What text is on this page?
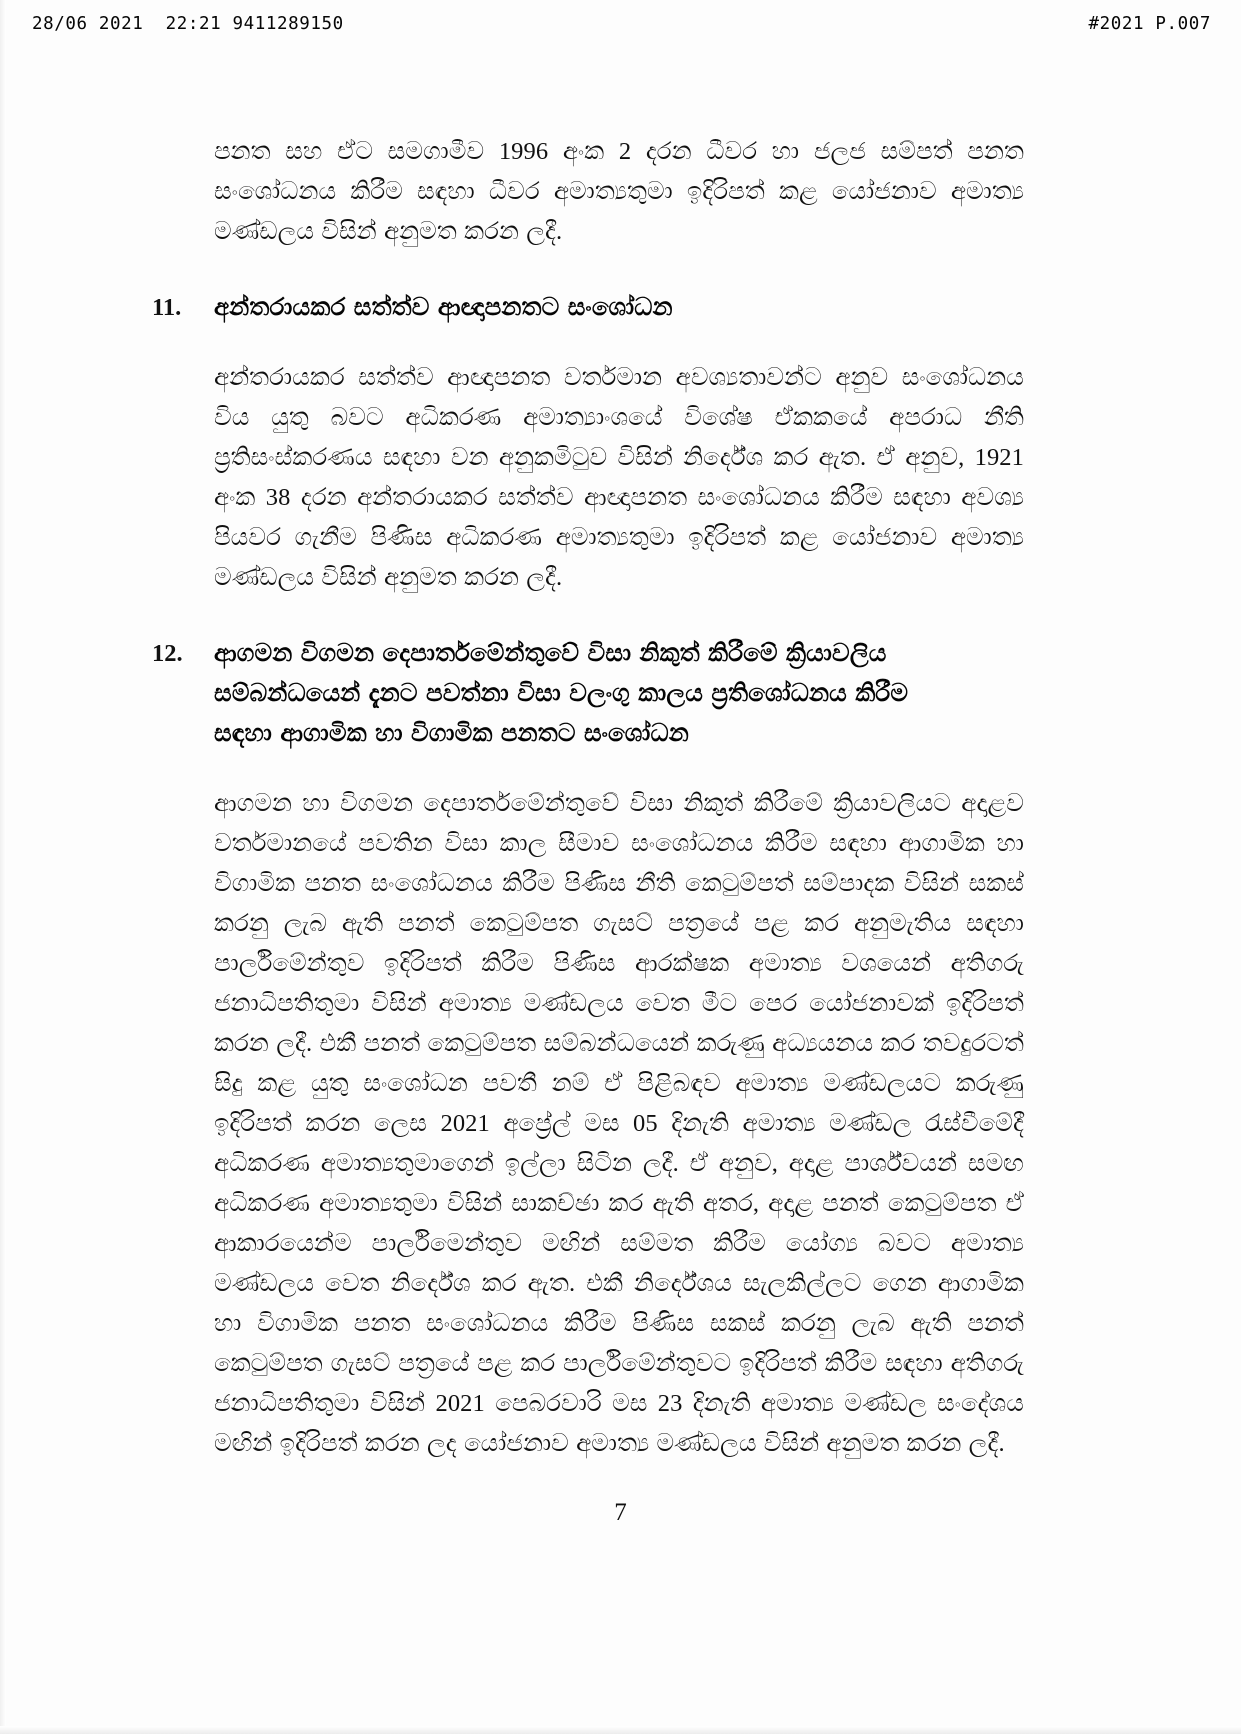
28/06 2021  22:21 9411289150	#2021 P.007

පනත සහ ඒට සමගාමීව 1996 අංක 2 දරන ධීවර හා ජලජ සම්පත් පනත සංශෝධනය කිරීම සඳහා ධීවර අමාත්‍යතුමා ඉදිරිපත් කළ යෝජනාව අමාත්‍ය මණ්ඩලය විසින් අනුමත කරන ලදී.

11.	අන්තරායකර සත්ත්ව ආඥාපනතට සංශෝධන

අන්තරායකර සත්ත්ව ආඥාපනත වර්තමාන අවශ්‍යතාවන්ට අනුව සංශෝධනය විය යුතු බවට අධිකරණ අමාත්‍යාංශයේ විශේෂ ඒකකයේ අපරාධ නීති ප්‍රතිසංස්කරණය සඳහා වන අනුකමිටුව විසින් නිර්දේශ කර ඇත. ඒ අනුව, 1921 අංක 38 දරන අන්තරායකර සත්ත්ව ආඥාපනත සංශෝධනය කිරීම සඳහා අවශ්‍ය පියවර ගැනීම පිණිස අධිකරණ අමාත්‍යතුමා ඉදිරිපත් කළ යෝජනාව අමාත්‍ය මණ්ඩලය විසින් අනුමත කරන ලදී.

12.	ආගමන විගමන දෙපාර්තමේන්තුවේ විසා නිකුත් කිරීමේ ක්‍රියාවලිය
සම්බන්ධයෙන් දැනට පවත්නා විසා වලංගු කාලය ප්‍රතිශෝධනය කිරීම
සඳහා ආගාමික හා විගාමික පනතට සංශෝධන

ආගමන හා විගමන දෙපාර්තමේන්තුවේ විසා නිකුත් කිරීමේ ක්‍රියාවලියට අදාළව වර්තමානයේ පවතින විසා කාල සීමාව සංශෝධනය කිරීම සඳහා ආගාමික හා විගාමික පනත සංශෝධනය කිරීම පිණිස නීති කෙටුම්පත් සම්පාදක විසින් සකස් කරනු ලැබ ඇති පනත් කෙටුම්පත ගැසට් පත්‍රයේ පළ කර අනුමැතිය සඳහා පාර්ලිමේන්තුව ඉදිරිපත් කිරීම පිණිස ආරක්ෂක අමාත්‍ය වශයෙන් අතිගරු ජනාධිපතිතුමා විසින් අමාත්‍ය මණ්ඩලය වෙත මීට පෙර යෝජනාවක් ඉදිරිපත් කරන ලදී. එකී පනත් කෙටුම්පත සම්බන්ධයෙන් කරුණු අධ්‍යයනය කර තවදුරටත් සිදු කළ යුතු සංශෝධන පවතී නම් ඒ පිළිබඳව අමාත්‍ය මණ්ඩලයට කරුණු ඉදිරිපත් කරන ලෙස 2021 අප්‍රේල් මස 05 දිනැති අමාත්‍ය මණ්ඩල රැස්වීමේදී අධිකරණ අමාත්‍යතුමාගෙන් ඉල්ලා සිටින ලදී. ඒ අනුව, අදාළ පාර්ශ්වයන් සමඟ අධිකරණ අමාත්‍යතුමා විසින් සාකච්ඡා කර ඇති අතර, අදාළ පනත් කෙටුම්පත ඒ ආකාරයෙන්ම පාර්ලිමෙන්තුව මඟින් සම්මත කිරීම යෝග්‍ය බවට අමාත්‍ය මණ්ඩලය වෙත නිර්දේශ කර ඇත. එකී නිර්දේශය සැලකිල්ලට ගෙන ආගාමික හා විගාමික පනත සංශෝධනය කිරීම පිණිස සකස් කරනු ලැබ ඇති පනත් කෙටුම්පත ගැසට් පත්‍රයේ පළ කර පාර්ලිමේන්තුවට ඉදිරිපත් කිරීම සඳහා අතිගරු ජනාධිපතිතුමා විසින් 2021 පෙබරවාරි මස 23 දිනැති අමාත්‍ය මණ්ඩල සංදේශය මඟින් ඉදිරිපත් කරන ලද යෝජනාව අමාත්‍ය මණ්ඩලය විසින් අනුමත කරන ලදී.

7
